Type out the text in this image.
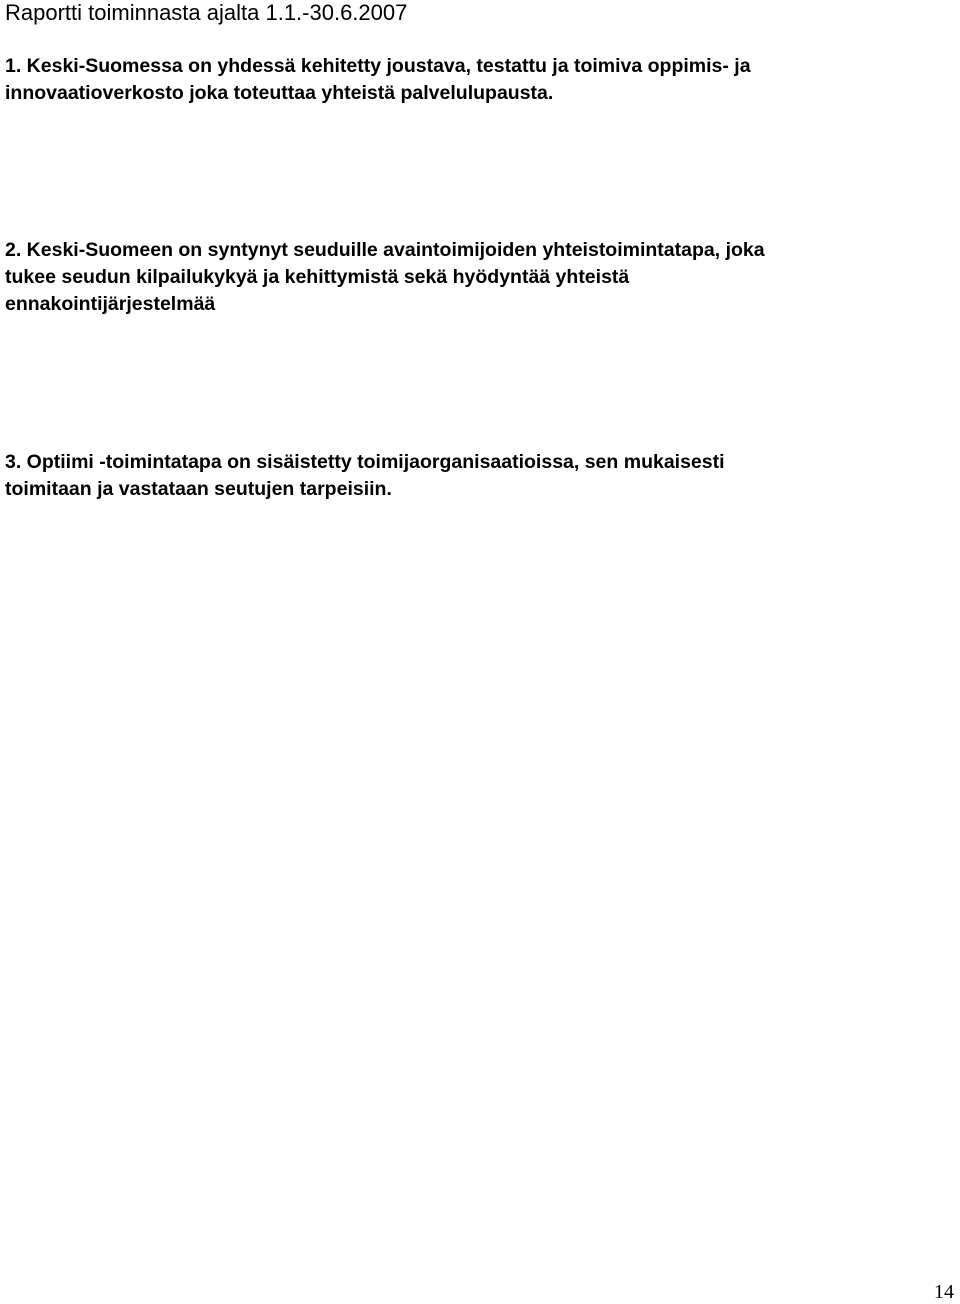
Raportti toiminnasta ajalta 1.1.-30.6.2007

1. Keski-Suomessa on yhdessä kehitetty joustava, testattu ja toimiva oppimis- ja
innovaatioverkosto joka toteuttaa yhteistä palvelulupausta.

2. Keski-Suomeen on syntynyt seuduille avaintoimijoiden yhteistoimintatapa, joka
tukee seudun kilpailukykyä ja kehittymistä sekä hyödyntää yhteistä
ennakointijärjestelmää

3. Optiimi -toimintatapa on sisäistetty toimijaorganisaatioissa, sen mukaisesti
toimitaan ja vastataan seutujen tarpeisiin.

14
